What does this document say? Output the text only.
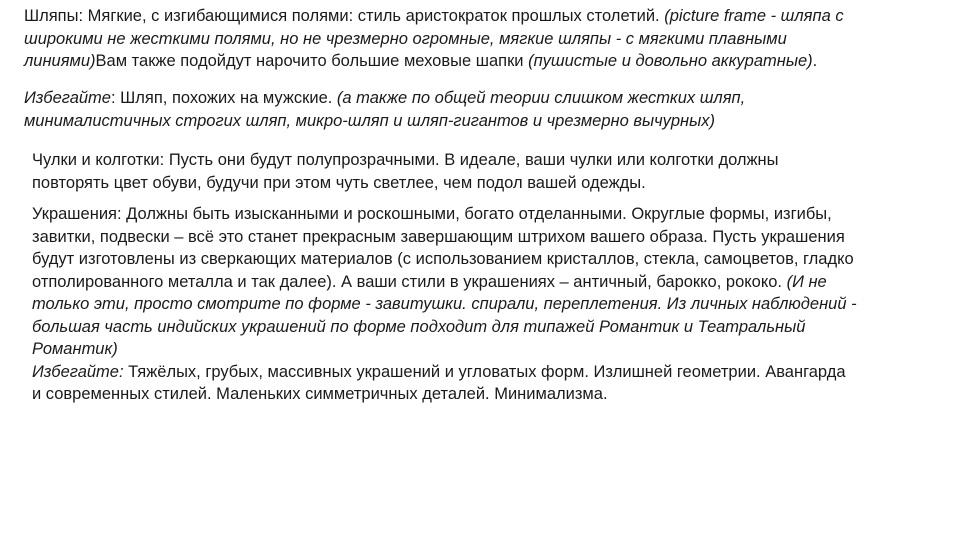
Шляпы: Мягкие, с изгибающимися полями: стиль аристократок прошлых столетий. (picture frame - шляпа с
широкими не жесткими полями, но не чрезмерно огромные, мягкие шляпы - с мягкими плавными
линиями)Вам также подойдут нарочито большие меховые шапки (пушистые и довольно аккуратные).
Избегайте: Шляп, похожих на мужские. (а также по общей теории слишком жестких шляп,
минималистичных строгих шляп, микро-шляп и шляп-гигантов и чрезмерно вычурных)
Чулки и колготки: Пусть они будут полупрозрачными. В идеале, ваши чулки или колготки должны
повторять цвет обуви, будучи при этом чуть светлее, чем подол вашей одежды.
Украшения: Должны быть изысканными и роскошными, богато отделанными. Округлые формы, изгибы,
завитки, подвески – всё это станет прекрасным завершающим штрихом вашего образа. Пусть украшения
будут изготовлены из сверкающих материалов (с использованием кристаллов, стекла, самоцветов, гладко
отполированного металла и так далее). А ваши стили в украшениях – античный, барокко, рококо. (И не
только эти, просто смотрите по форме - завитушки. спирали, переплетения. Из личных наблюдений -
большая часть индийских украшений по форме подходит для типажей Романтик и Театральный
Романтик)
Избегайте: Тяжёлых, грубых, массивных украшений и угловатых форм. Излишней геометрии. Авангарда
и современных стилей. Маленьких симметричных деталей. Минимализма.
